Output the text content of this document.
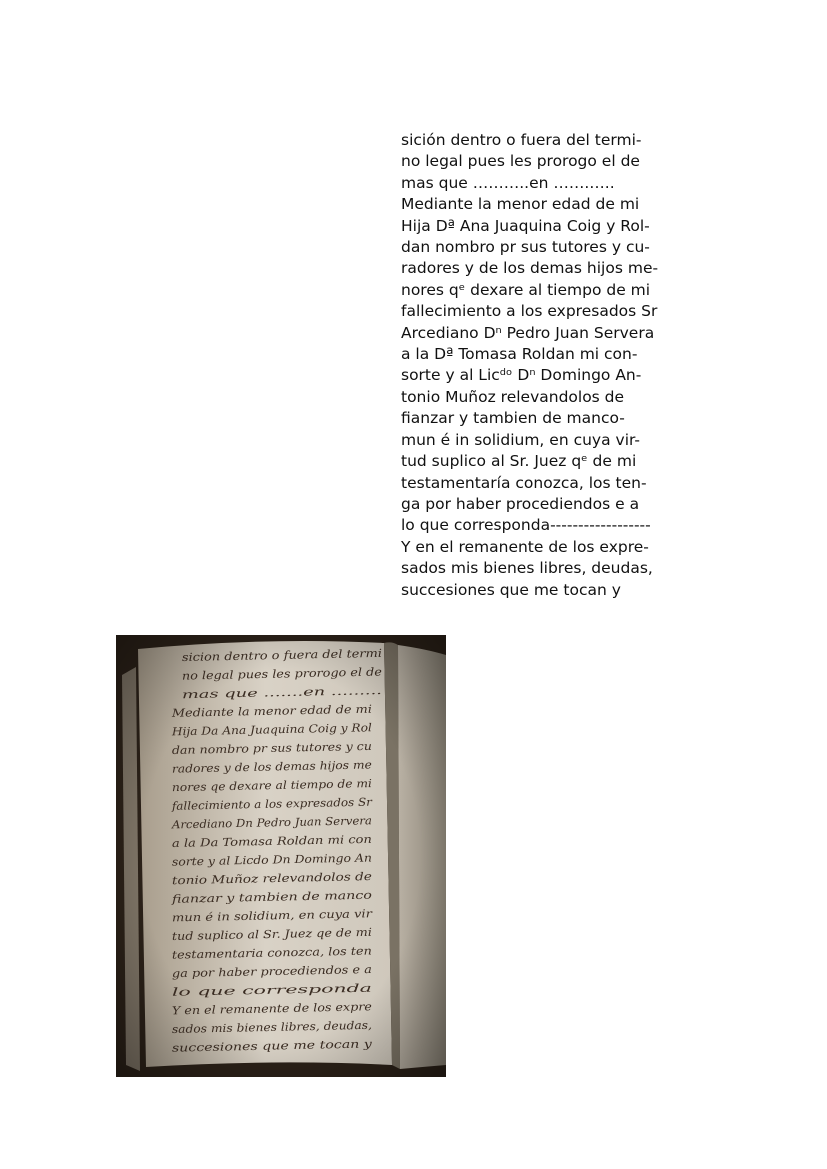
sición dentro o fuera del termi-
no legal pues les prorogo el de
mas que ………..en …….…..
Mediante la menor edad de mi
Hija Dª Ana Juaquina Coig y Rol-
dan nombro pr sus tutores y cu-
radores y de los demas hijos me-
nores qᵉ dexare al tiempo de mi
fallecimiento a los expresados Sr
Arcediano Dⁿ Pedro Juan Servera
a la Dª Tomasa Roldan mi con-
sorte y al Licᵈᵒ Dⁿ Domingo An-
tonio Muñoz relevandolos de
fianzar y tambien de manco-
mun é in solidium, en cuya vir-
tud suplico al Sr. Juez qᵉ de mi
testamentaría conozca, los ten-
ga por haber procediendos e a
lo que corresponda------------------
Y en el remanente de los expre-
sados mis bienes libres, deudas,
succesiones que me tocan y
